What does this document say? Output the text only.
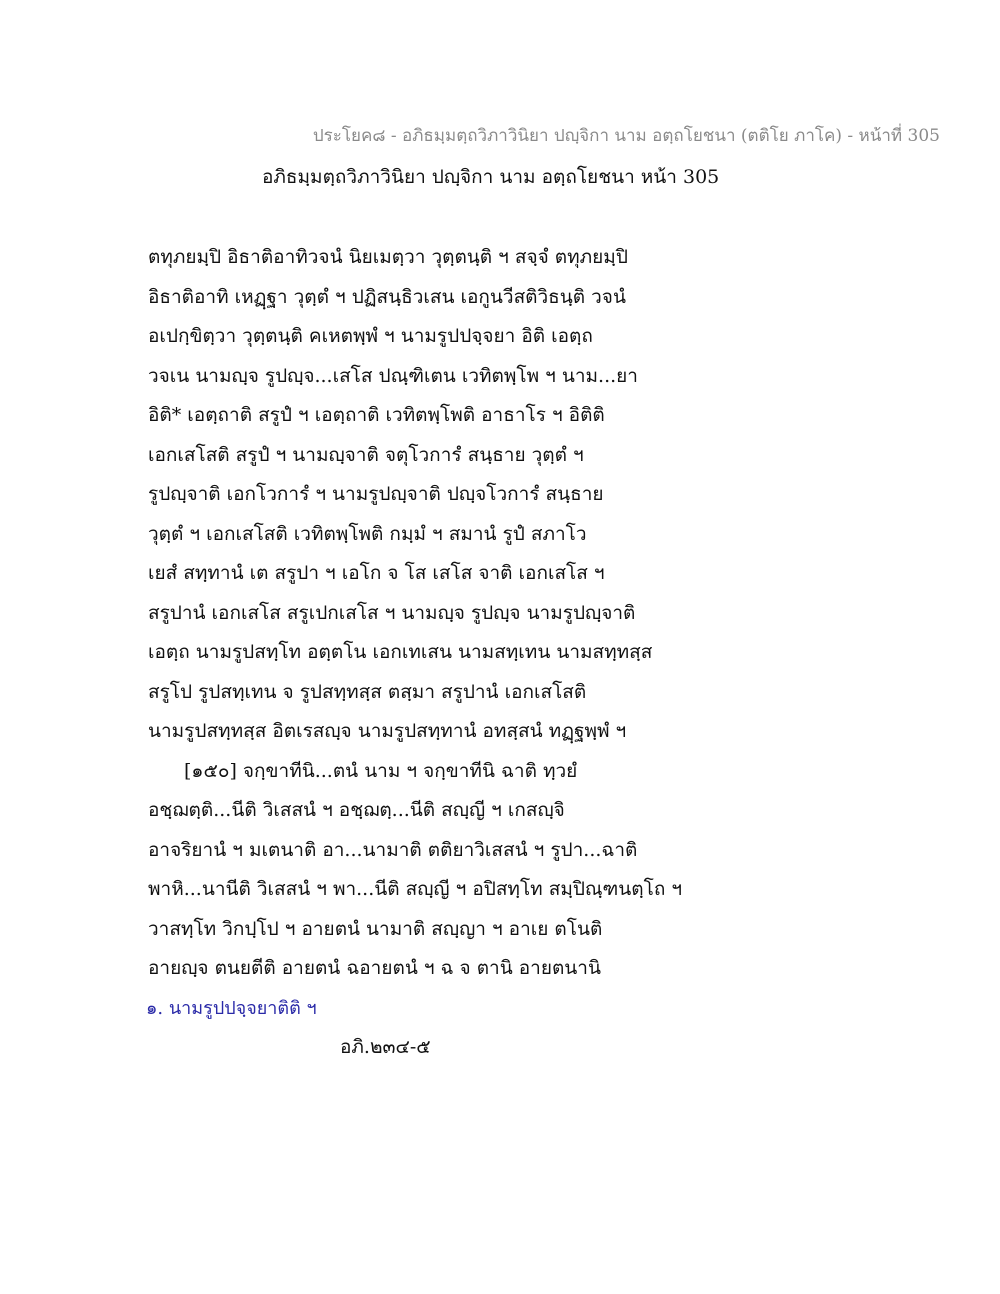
ประโยค๘ - อภิธมฺมตฺถวิภาวินิยา ปญฺจิกา นาม อตฺถโยชนา (ตติโย ภาโค) - หน้าที่ 305
อภิธมฺมตฺถวิภาวินิยา ปญฺจิกา นาม อตฺถโยชนา หน้า 305
ตทุภยมฺปิ อิธาติอาทิวจนํ นิยเมตฺวา วุตฺตนฺติ ฯ สจฺจํ ตทุภยมฺปิ
อิธาติอาทิ เหฏฺฐา วุตฺตํ ฯ ปฏิสนฺธิวเสน เอกูนวีสติวิธนฺติ วจนํ
อเปกฺขิตฺวา วุตฺตนฺติ คเหตพฺพํ ฯ นามรูปปจฺจยา อิติ เอตฺถ
วจเน นามญฺจ รูปญฺจ...เสโส ปณฺฑิเตน เวทิตพฺโพ ฯ นาม...ยา
อิติ* เอตฺถาติ สรูปํ ฯ เอตฺถาติ เวทิตพฺโพติ อาธาโร ฯ อิติติ
เอกเสโสติ สรูปํ ฯ นามญฺจาติ จตุโวการํ สนฺธาย วุตฺตํ ฯ
รูปญฺจาติ เอกโวการํ ฯ นามรูปญฺจาติ ปญฺจโวการํ สนฺธาย
วุตฺตํ ฯ เอกเสโสติ เวทิตพฺโพติ กมฺมํ ฯ สมานํ รูปํ สภาโว
เยสํ สทฺทานํ เต สรูปา ฯ เอโก จ โส เสโส จาติ เอกเสโส ฯ
สรูปานํ เอกเสโส สรูเปกเสโส ฯ นามญฺจ รูปญฺจ นามรูปญฺจาติ
เอตฺถ นามรูปสทฺโท อตฺตโน เอกเทเสน นามสทฺเทน นามสทฺทสฺส
สรูโป รูปสทฺเทน จ รูปสทฺทสฺส ตสฺมา สรูปานํ เอกเสโสติ
นามรูปสทฺทสฺส อิตเรสญฺจ นามรูปสทฺทานํ อทสฺสนํ ทฏฺฐพฺพํ ฯ
[๑๕๐] จกฺขาทีนิ...ตนํ นาม ฯ จกฺขาทีนิ ฉาติ ทฺวยํ
อชฺฌตฺติ...นีติ วิเสสนํ ฯ อชฺฌตฺ...นีติ สญฺญี ฯ เกสญฺจิ
อาจริยานํ ฯ มเตนาติ อา...นามาติ ตติยาวิเสสนํ ฯ รูปา...ฉาติ
พาหิ...นานีติ วิเสสนํ ฯ พา...นีติ สญฺญี ฯ อปิสทฺโท สมฺปิณฺฑนตฺโถ ฯ
วาสทฺโท วิกปฺโป ฯ อายตนํ นามาติ สญฺญา ฯ อาเย ตโนติ
อายญฺจ ตนยตีติ อายตนํ ฉอายตนํ ฯ ฉ จ ตานิ อายตนานิ
๑. นามรูปปจฺจยาติติ ฯ
อภิ.๒๓๔-๕
